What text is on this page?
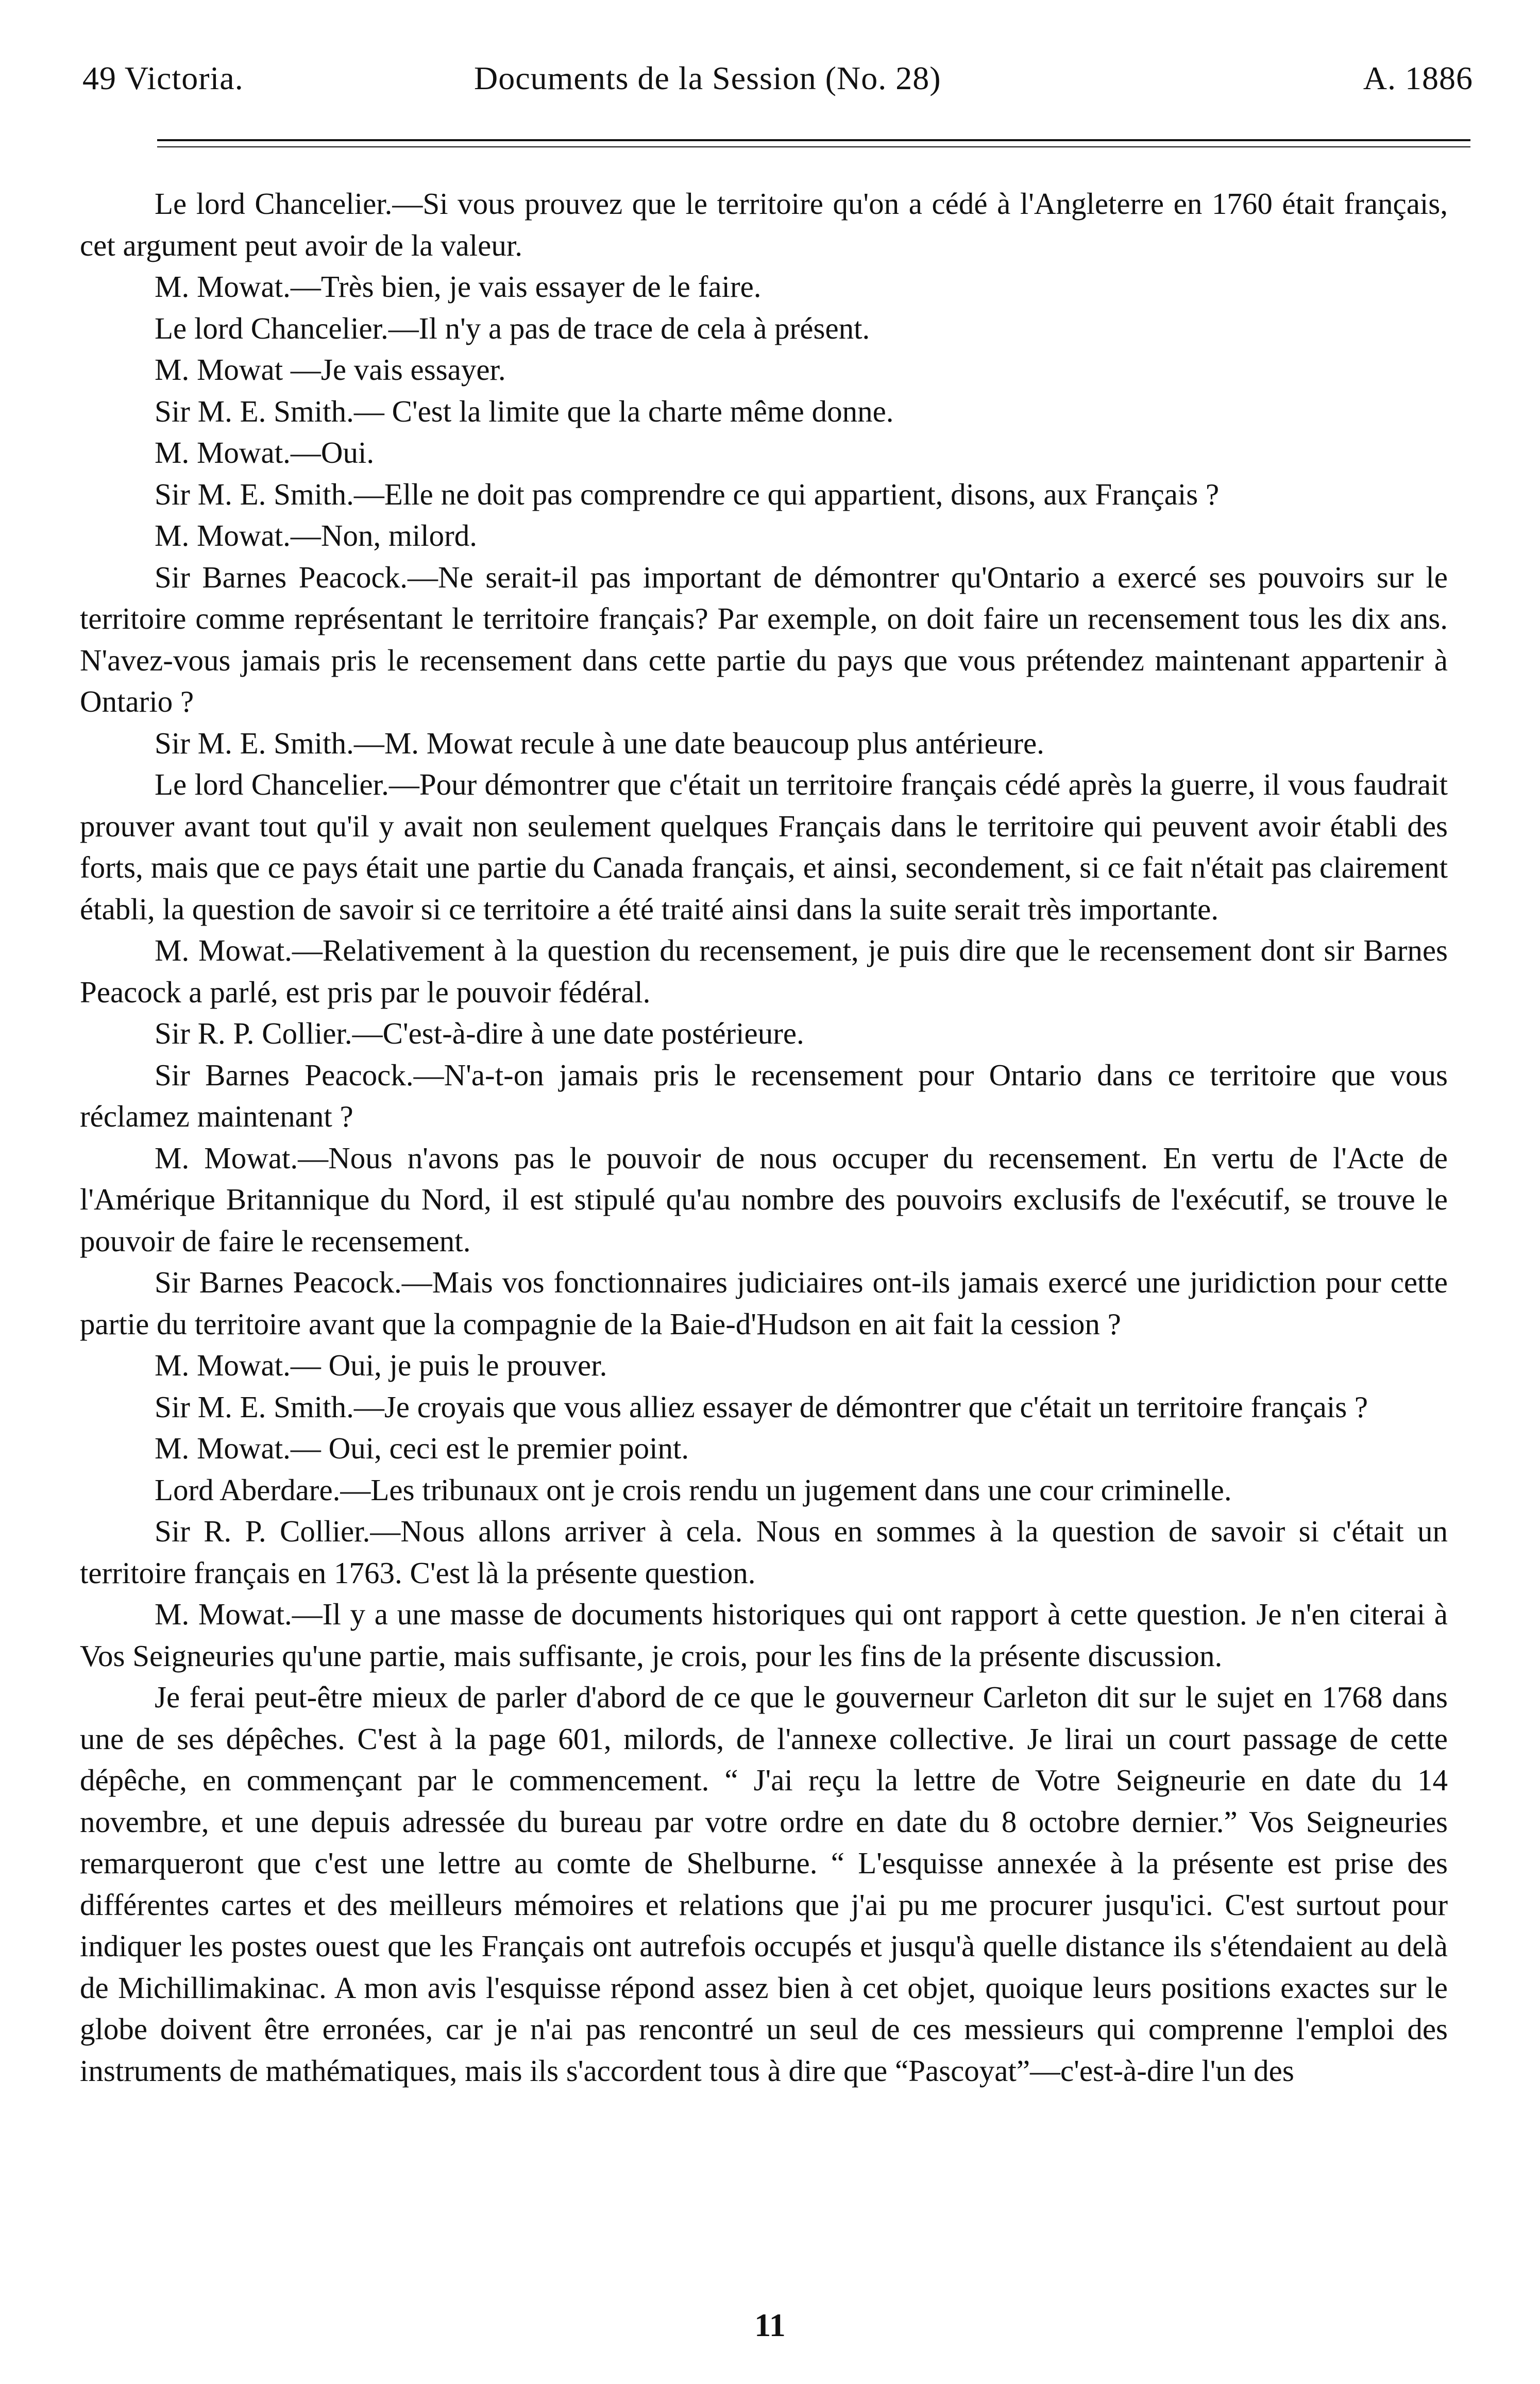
49 Victoria.	Documents de la Session (No. 28)	A. 1886

Le lord Chancelier.—Si vous prouvez que le territoire qu'on a cédé à l'Angleterre en 1760 était français, cet argument peut avoir de la valeur.

M. Mowat.—Très bien, je vais essayer de le faire.

Le lord Chancelier.—Il n'y a pas de trace de cela à présent.

M. Mowat —Je vais essayer.

Sir M. E. Smith.— C'est la limite que la charte même donne.

M. Mowat.—Oui.

Sir M. E. Smith.—Elle ne doit pas comprendre ce qui appartient, disons, aux Français ?

M. Mowat.—Non, milord.

Sir Barnes Peacock.—Ne serait-il pas important de démontrer qu'Ontario a exercé ses pouvoirs sur le territoire comme représentant le territoire français? Par exemple, on doit faire un recensement tous les dix ans. N'avez-vous jamais pris le recensement dans cette partie du pays que vous prétendez maintenant appartenir à Ontario ?

Sir M. E. Smith.—M. Mowat recule à une date beaucoup plus antérieure.

Le lord Chancelier.—Pour démontrer que c'était un territoire français cédé après la guerre, il vous faudrait prouver avant tout qu'il y avait non seulement quelques Français dans le territoire qui peuvent avoir établi des forts, mais que ce pays était une partie du Canada français, et ainsi, secondement, si ce fait n'était pas clairement établi, la question de savoir si ce territoire a été traité ainsi dans la suite serait très importante.

M. Mowat.—Relativement à la question du recensement, je puis dire que le recensement dont sir Barnes Peacock a parlé, est pris par le pouvoir fédéral.

Sir R. P. Collier.—C'est-à-dire à une date postérieure.

Sir Barnes Peacock.—N'a-t-on jamais pris le recensement pour Ontario dans ce territoire que vous réclamez maintenant ?

M. Mowat.—Nous n'avons pas le pouvoir de nous occuper du recensement. En vertu de l'Acte de l'Amérique Britannique du Nord, il est stipulé qu'au nombre des pouvoirs exclusifs de l'exécutif, se trouve le pouvoir de faire le recensement.

Sir Barnes Peacock.—Mais vos fonctionnaires judiciaires ont-ils jamais exercé une juridiction pour cette partie du territoire avant que la compagnie de la Baie-d'Hudson en ait fait la cession ?

M. Mowat.— Oui, je puis le prouver.

Sir M. E. Smith.—Je croyais que vous alliez essayer de démontrer que c'était un territoire français ?

M. Mowat.— Oui, ceci est le premier point.

Lord Aberdare.—Les tribunaux ont je crois rendu un jugement dans une cour criminelle.

Sir R. P. Collier.—Nous allons arriver à cela. Nous en sommes à la question de savoir si c'était un territoire français en 1763. C'est là la présente question.

M. Mowat.—Il y a une masse de documents historiques qui ont rapport à cette question. Je n'en citerai à Vos Seigneuries qu'une partie, mais suffisante, je crois, pour les fins de la présente discussion.

Je ferai peut-être mieux de parler d'abord de ce que le gouverneur Carleton dit sur le sujet en 1768 dans une de ses dépêches. C'est à la page 601, milords, de l'annexe collective. Je lirai un court passage de cette dépêche, en commençant par le commencement. “ J'ai reçu la lettre de Votre Seigneurie en date du 14 novembre, et une depuis adressée du bureau par votre ordre en date du 8 octobre dernier.” Vos Seigneuries remarqueront que c'est une lettre au comte de Shelburne. “ L'esquisse annexée à la présente est prise des différentes cartes et des meilleurs mémoires et relations que j'ai pu me procurer jusqu'ici. C'est surtout pour indiquer les postes ouest que les Français ont autrefois occupés et jusqu'à quelle distance ils s'étendaient au delà de Michillimakinac. A mon avis l'esquisse répond assez bien à cet objet, quoique leurs positions exactes sur le globe doivent être erronées, car je n'ai pas rencontré un seul de ces messieurs qui comprenne l'emploi des instruments de mathématiques, mais ils s'accordent tous à dire que “Pascoyat”—c'est-à-dire l'un des

11
